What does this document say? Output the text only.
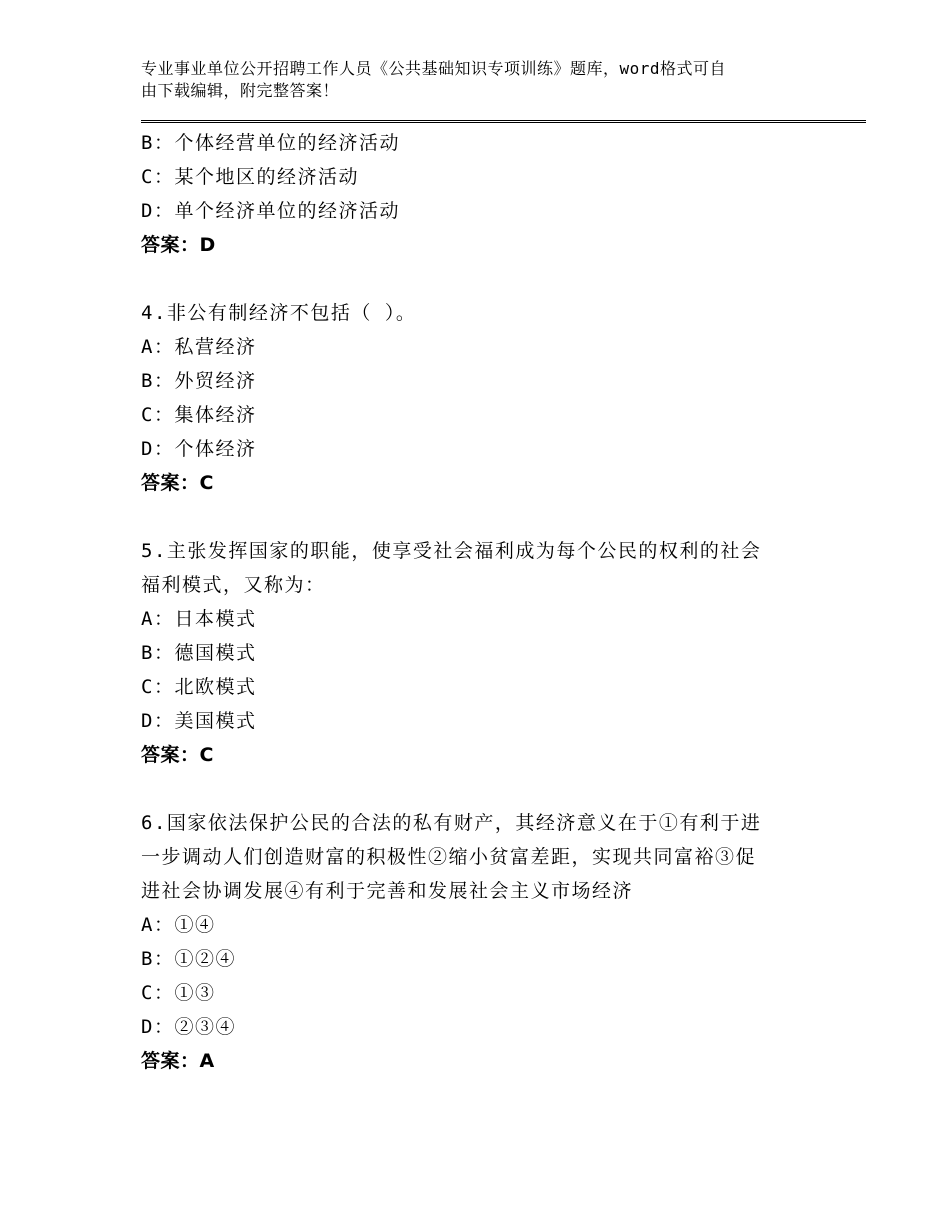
专业事业单位公开招聘工作人员《公共基础知识专项训练》题库，word格式可自
由下载编辑，附完整答案！
B：个体经营单位的经济活动
C：某个地区的经济活动
D：单个经济单位的经济活动
答案：D
4.非公有制经济不包括（ ）。
A：私营经济
B：外贸经济
C：集体经济
D：个体经济
答案：C
5.主张发挥国家的职能，使享受社会福利成为每个公民的权利的社会
福利模式，又称为：
A：日本模式
B：德国模式
C：北欧模式
D：美国模式
答案：C
6.国家依法保护公民的合法的私有财产，其经济意义在于①有利于进
一步调动人们创造财富的积极性②缩小贫富差距，实现共同富裕③促
进社会协调发展④有利于完善和发展社会主义市场经济
A：①④
B：①②④
C：①③
D：②③④
答案：A
